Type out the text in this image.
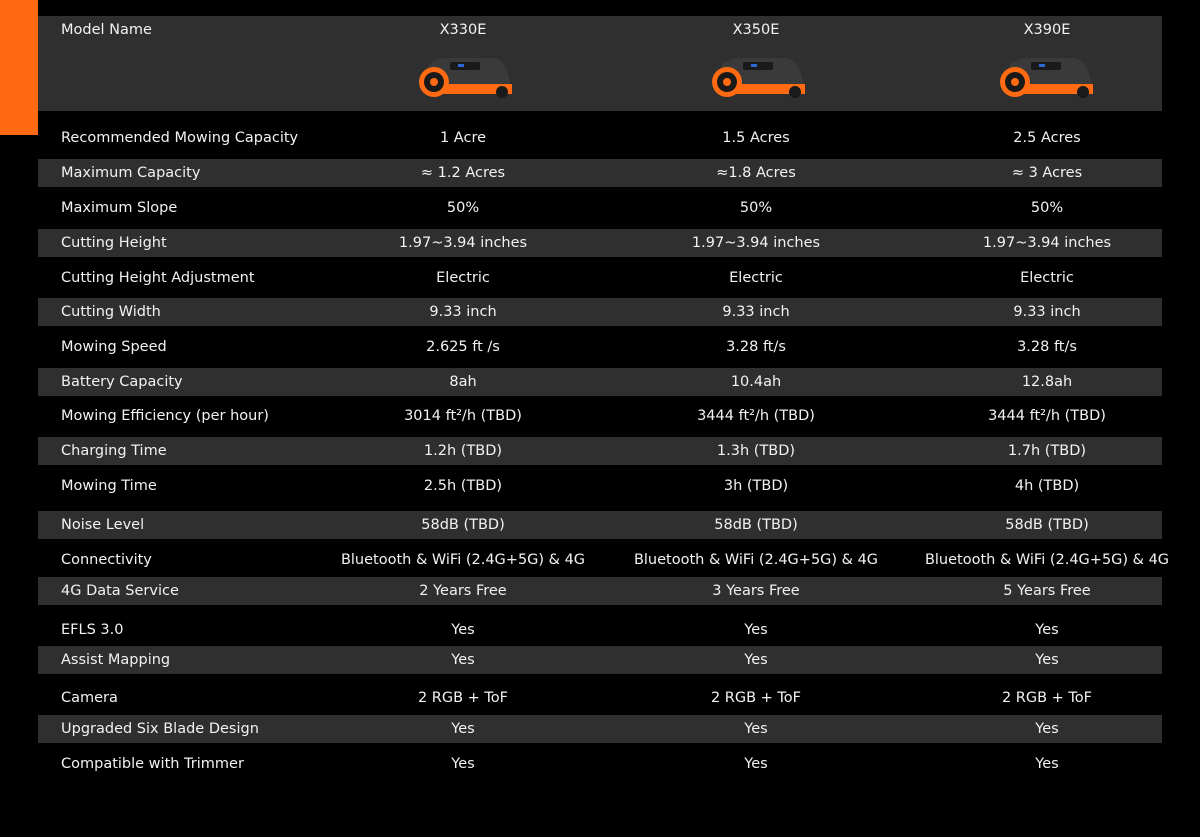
Model Name	X330E	X350E	X390E
Recommended Mowing Capacity	1 Acre	1.5 Acres	2.5 Acres
Maximum Capacity	≈ 1.2 Acres	≈1.8 Acres	≈ 3 Acres
Maximum Slope	50%	50%	50%
Cutting Height	1.97~3.94 inches	1.97~3.94 inches	1.97~3.94 inches
Cutting Height Adjustment	Electric	Electric	Electric
Cutting Width	9.33 inch	9.33 inch	9.33 inch
Mowing Speed	2.625 ft /s	3.28 ft/s	3.28 ft/s
Battery Capacity	8ah	10.4ah	12.8ah
Mowing Efficiency (per hour)	3014 ft²/h (TBD)	3444 ft²/h (TBD)	3444 ft²/h (TBD)
Charging Time	1.2h (TBD)	1.3h (TBD)	1.7h (TBD)
Mowing Time	2.5h (TBD)	3h (TBD)	4h (TBD)
Noise Level	58dB (TBD)	58dB (TBD)	58dB (TBD)
Connectivity	Bluetooth & WiFi (2.4G+5G) & 4G	Bluetooth & WiFi (2.4G+5G) & 4G	Bluetooth & WiFi (2.4G+5G) & 4G
4G Data Service	2 Years Free	3 Years Free	5 Years Free
EFLS 3.0	Yes	Yes	Yes
Assist Mapping	Yes	Yes	Yes
Camera	2 RGB + ToF	2 RGB + ToF	2 RGB + ToF
Upgraded Six Blade Design	Yes	Yes	Yes
Compatible with Trimmer	Yes	Yes	Yes
